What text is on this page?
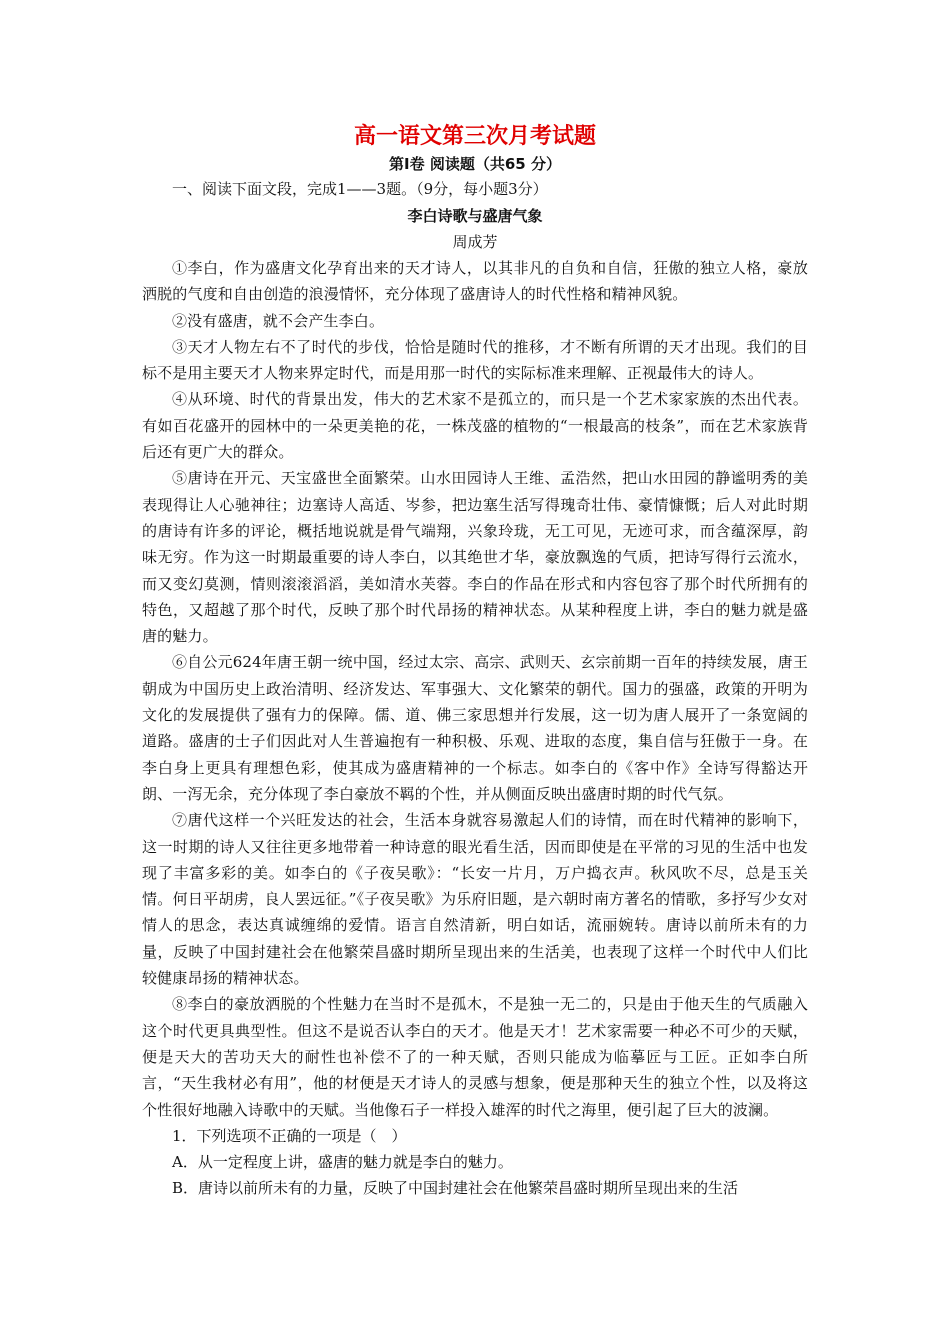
高一语文第三次月考试题

第Ⅰ卷 阅读题（共65 分）

一、阅读下面文段，完成1——3题。（9分，每小题3分）

李白诗歌与盛唐气象

周成芳

①李白，作为盛唐文化孕育出来的天才诗人，以其非凡的自负和自信，狂傲的独立人格，豪放洒脱的气度和自由创造的浪漫情怀，充分体现了盛唐诗人的时代性格和精神风貌。

②没有盛唐，就不会产生李白。

③天才人物左右不了时代的步伐，恰恰是随时代的推移，才不断有所谓的天才出现。我们的目标不是用主要天才人物来界定时代，而是用那一时代的实际标准来理解、正视最伟大的诗人。

④从环境、时代的背景出发，伟大的艺术家不是孤立的，而只是一个艺术家家族的杰出代表。有如百花盛开的园林中的一朵更美艳的花，一株茂盛的植物的“一根最高的枝条”，而在艺术家族背后还有更广大的群众。

⑤唐诗在开元、天宝盛世全面繁荣。山水田园诗人王维、孟浩然，把山水田园的静谧明秀的美表现得让人心驰神往；边塞诗人高适、岑参，把边塞生活写得瑰奇壮伟、豪情慷慨；后人对此时期的唐诗有许多的评论，概括地说就是骨气端翔，兴象玲珑，无工可见，无迹可求，而含蕴深厚，韵味无穷。作为这一时期最重要的诗人李白，以其绝世才华，豪放飘逸的气质，把诗写得行云流水，而又变幻莫测，情则滚滚滔滔，美如清水芙蓉。李白的作品在形式和内容包容了那个时代所拥有的特色，又超越了那个时代，反映了那个时代昂扬的精神状态。从某种程度上讲，李白的魅力就是盛唐的魅力。

⑥自公元624年唐王朝一统中国，经过太宗、高宗、武则天、玄宗前期一百年的持续发展，唐王朝成为中国历史上政治清明、经济发达、军事强大、文化繁荣的朝代。国力的强盛，政策的开明为文化的发展提供了强有力的保障。儒、道、佛三家思想并行发展，这一切为唐人展开了一条宽阔的道路。盛唐的士子们因此对人生普遍抱有一种积极、乐观、进取的态度，集自信与狂傲于一身。在李白身上更具有理想色彩，使其成为盛唐精神的一个标志。如李白的《客中作》全诗写得豁达开朗、一泻无余，充分体现了李白豪放不羁的个性，并从侧面反映出盛唐时期的时代气氛。

⑦唐代这样一个兴旺发达的社会，生活本身就容易激起人们的诗情，而在时代精神的影响下，这一时期的诗人又往往更多地带着一种诗意的眼光看生活，因而即使是在平常的习见的生活中也发现了丰富多彩的美。如李白的《子夜吴歌》：“长安一片月，万户捣衣声。秋风吹不尽，总是玉关情。何日平胡虏，良人罢远征。”《子夜吴歌》为乐府旧题，是六朝时南方著名的情歌，多抒写少女对情人的思念，表达真诚缠绵的爱情。语言自然清新，明白如话，流丽婉转。唐诗以前所未有的力量，反映了中国封建社会在他繁荣昌盛时期所呈现出来的生活美，也表现了这样一个时代中人们比较健康昂扬的精神状态。

⑧李白的豪放洒脱的个性魅力在当时不是孤木，不是独一无二的，只是由于他天生的气质融入这个时代更具典型性。但这不是说否认李白的天才。他是天才！艺术家需要一种必不可少的天赋，便是天大的苦功天大的耐性也补偿不了的一种天赋，否则只能成为临摹匠与工匠。正如李白所言，“天生我材必有用”，他的材便是天才诗人的灵感与想象，便是那种天生的独立个性，以及将这个性很好地融入诗歌中的天赋。当他像石子一样投入雄浑的时代之海里，便引起了巨大的波澜。

1．下列选项不正确的一项是（　）

A．从一定程度上讲，盛唐的魅力就是李白的魅力。

B．唐诗以前所未有的力量，反映了中国封建社会在他繁荣昌盛时期所呈现出来的生活
